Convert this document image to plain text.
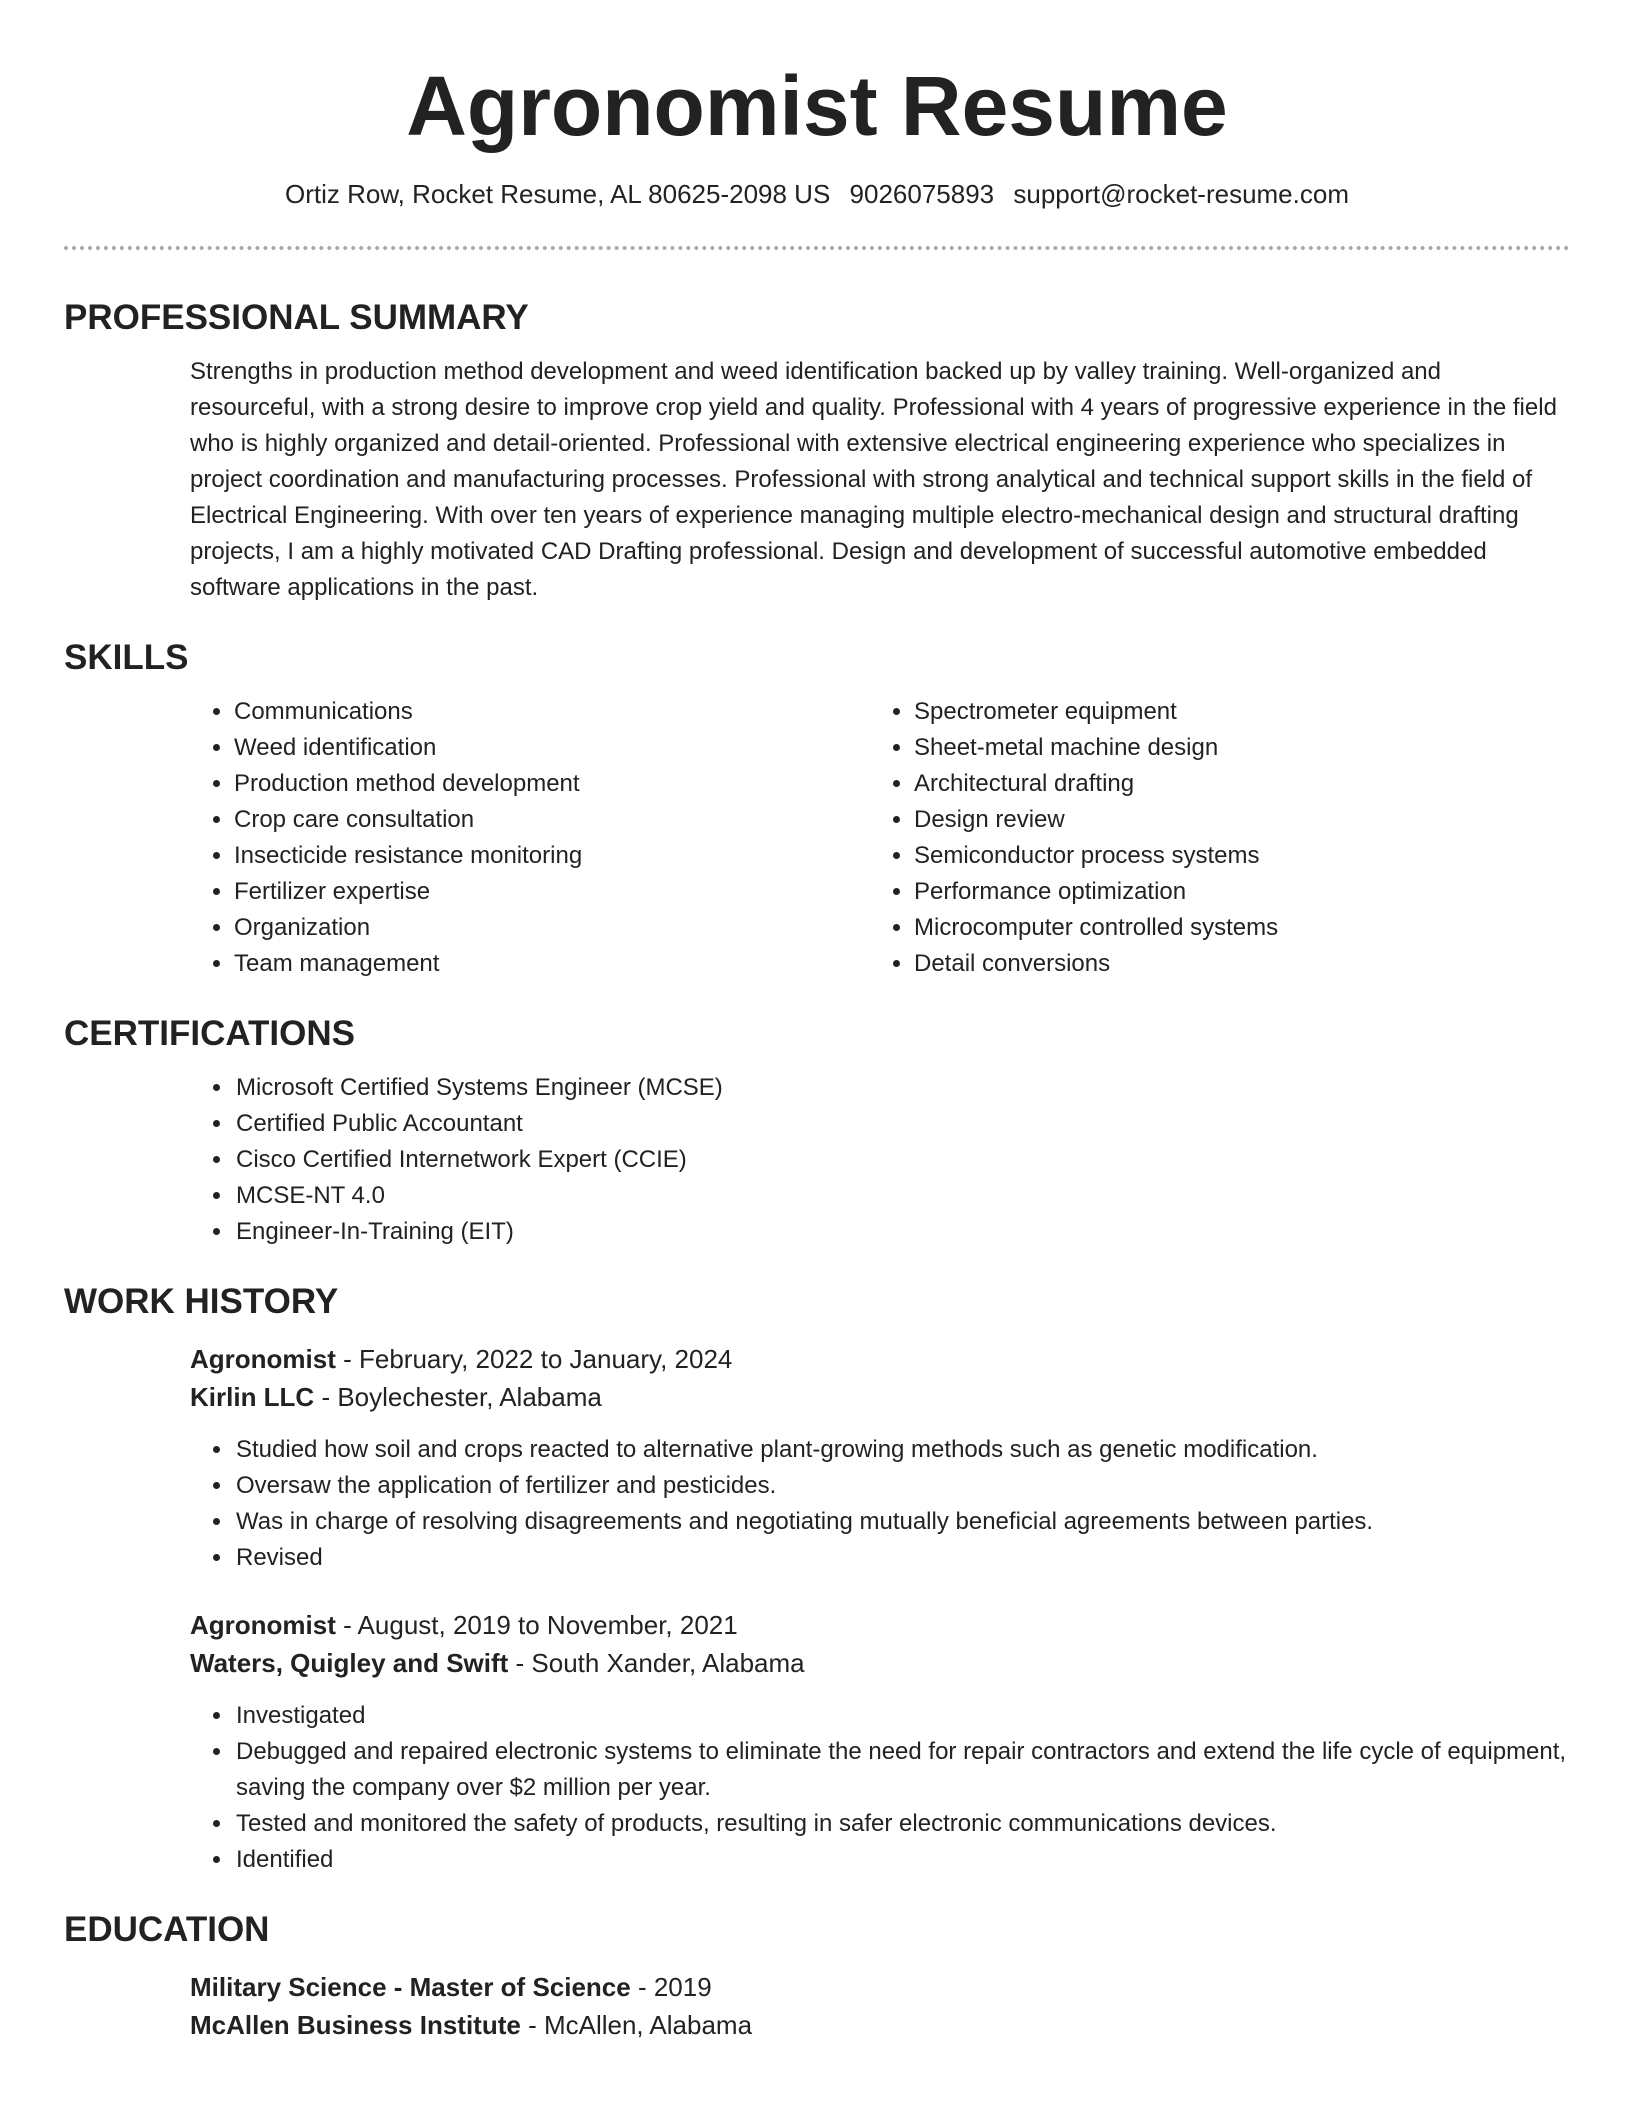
Agronomist Resume
Ortiz Row, Rocket Resume, AL 80625-2098 US 9026075893 support@rocket-resume.com
PROFESSIONAL SUMMARY

Strengths in production method development and weed identification backed up by valley training. Well-organized and resourceful, with a strong desire to improve crop yield and quality. Professional with 4 years of progressive experience in the field who is highly organized and detail-oriented. Professional with extensive electrical engineering experience who specializes in project coordination and manufacturing processes. Professional with strong analytical and technical support skills in the field of Electrical Engineering. With over ten years of experience managing multiple electro-mechanical design and structural drafting projects, I am a highly motivated CAD Drafting professional. Design and development of successful automotive embedded software applications in the past.

SKILLS
• Communications
• Weed identification
• Production method development
• Crop care consultation
• Insecticide resistance monitoring
• Fertilizer expertise
• Organization
• Team management
• Spectrometer equipment
• Sheet-metal machine design
• Architectural drafting
• Design review
• Semiconductor process systems
• Performance optimization
• Microcomputer controlled systems
• Detail conversions
CERTIFICATIONS
• Microsoft Certified Systems Engineer (MCSE)
• Certified Public Accountant
• Cisco Certified Internetwork Expert (CCIE)
• MCSE-NT 4.0
• Engineer-In-Training (EIT)
WORK HISTORY

Agronomist - February, 2022 to January, 2024

Kirlin LLC - Boylechester, Alabama

• Studied how soil and crops reacted to alternative plant-growing methods such as genetic modification.
• Oversaw the application of fertilizer and pesticides.
• Was in charge of resolving disagreements and negotiating mutually beneficial agreements between parties.
• Revised

Agronomist - August, 2019 to November, 2021

Waters, Quigley and Swift - South Xander, Alabama

• Investigated
• Debugged and repaired electronic systems to eliminate the need for repair contractors and extend the life cycle of equipment, saving the company over $2 million per year.
• Tested and monitored the safety of products, resulting in safer electronic communications devices.
• Identified
EDUCATION

Military Science - Master of Science - 2019

McAllen Business Institute - McAllen, Alabama
